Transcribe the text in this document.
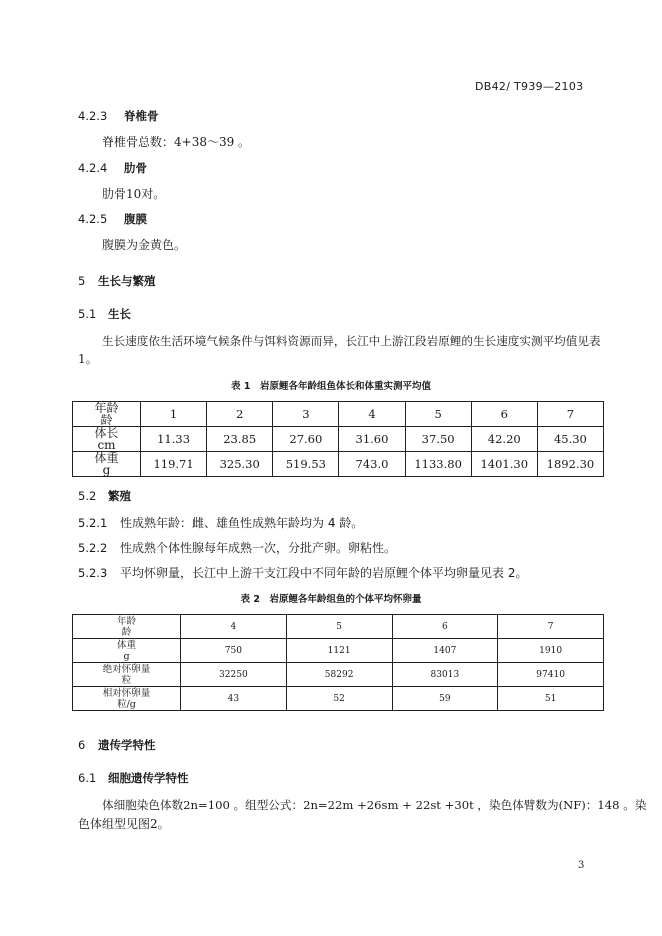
DB42/ T939—2103
4.2.3 脊椎骨
脊椎骨总数：4+38～39 。
4.2.4 肋骨
肋骨10对。
4.2.5 腹膜
腹膜为金黄色。
5 生长与繁殖
5.1 生长
生长速度依生活环境气候条件与饵料资源而异，长江中上游江段岩原鲤的生长速度实测平均值见表
1。
表 1　岩原鲤各年龄组鱼体长和体重实测平均值
年龄
龄	1	2	3	4	5	6	7
体长
cm	11.33	23.85	27.60	31.60	37.50	42.20	45.30
体重
g	119.71	325.30	519.53	743.0	1133.80	1401.30	1892.30
5.2 繁殖
5.2.1 性成熟年龄：雌、雄鱼性成熟年龄均为 4 龄。
5.2.2 性成熟个体性腺每年成熟一次，分批产卵。卵粘性。
5.2.3 平均怀卵量，长江中上游干支江段中不同年龄的岩原鲤个体平均卵量见表 2。
表 2　岩原鲤各年龄组鱼的个体平均怀卵量
年龄
龄	4	5	6	7
体重
g	750	1121	1407	1910
绝对怀卵量
粒	32250	58292	83013	97410
相对怀卵量
粒/g	43	52	59	51
6 遗传学特性
6.1 细胞遗传学特性
体细胞染色体数2n=100 。组型公式：2n=22m +26sm + 22st +30t ，染色体臂数为(NF)：148 。染
色体组型见图2。
3
